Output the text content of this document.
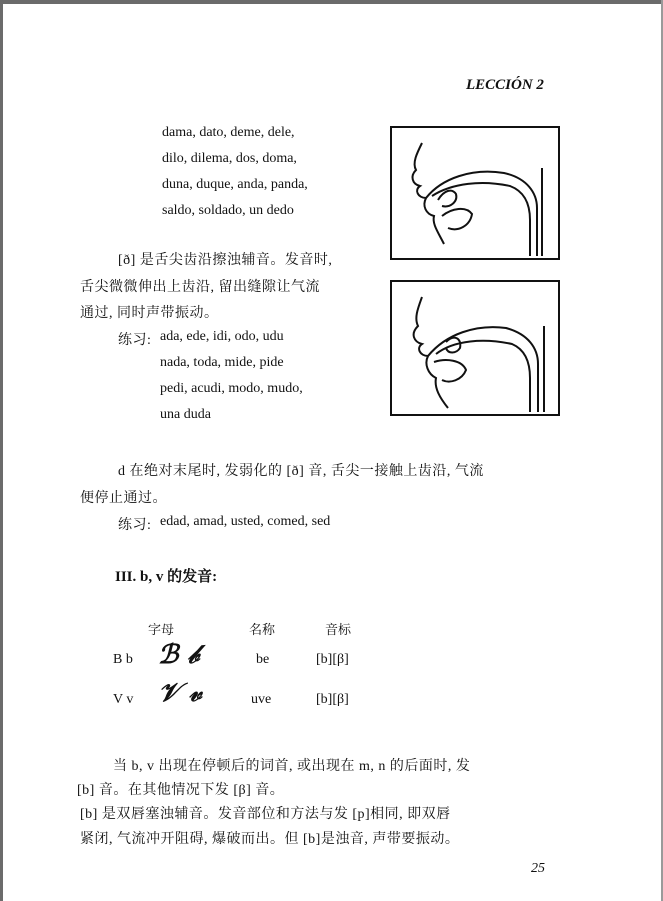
LECCIÓN 2
dama, dato, deme, dele,
dilo, dilema, dos, doma,
duna, duque, anda, panda,
saldo, soldado, un dedo
[ð] 是舌尖齿沿擦浊辅音。发音时,
舌尖微微伸出上齿沿, 留出缝隙让气流
通过, 同时声带振动。
练习: ada, ede, idi, odo, udu
nada, toda, mide, pide
pedi, acudi, modo, mudo,
una duda
d 在绝对末尾时, 发弱化的 [ð] 音, 舌尖一接触上齿沿, 气流
便停止通过。
练习: edad, amad, usted, comed, sed
III. b, v 的发音:
字母	名称	音标
B b ℬ 𝒷	be	[b][β]
V v 𝒱 𝓋	uve	[b][β]
当 b, v 出现在停顿后的词首, 或出现在 m, n 的后面时, 发
[b] 音。在其他情况下发 [β] 音。
[b] 是双唇塞浊辅音。发音部位和方法与发 [p]相同, 即双唇
紧闭, 气流冲开阻碍, 爆破而出。但 [b]是浊音, 声带要振动。
25
